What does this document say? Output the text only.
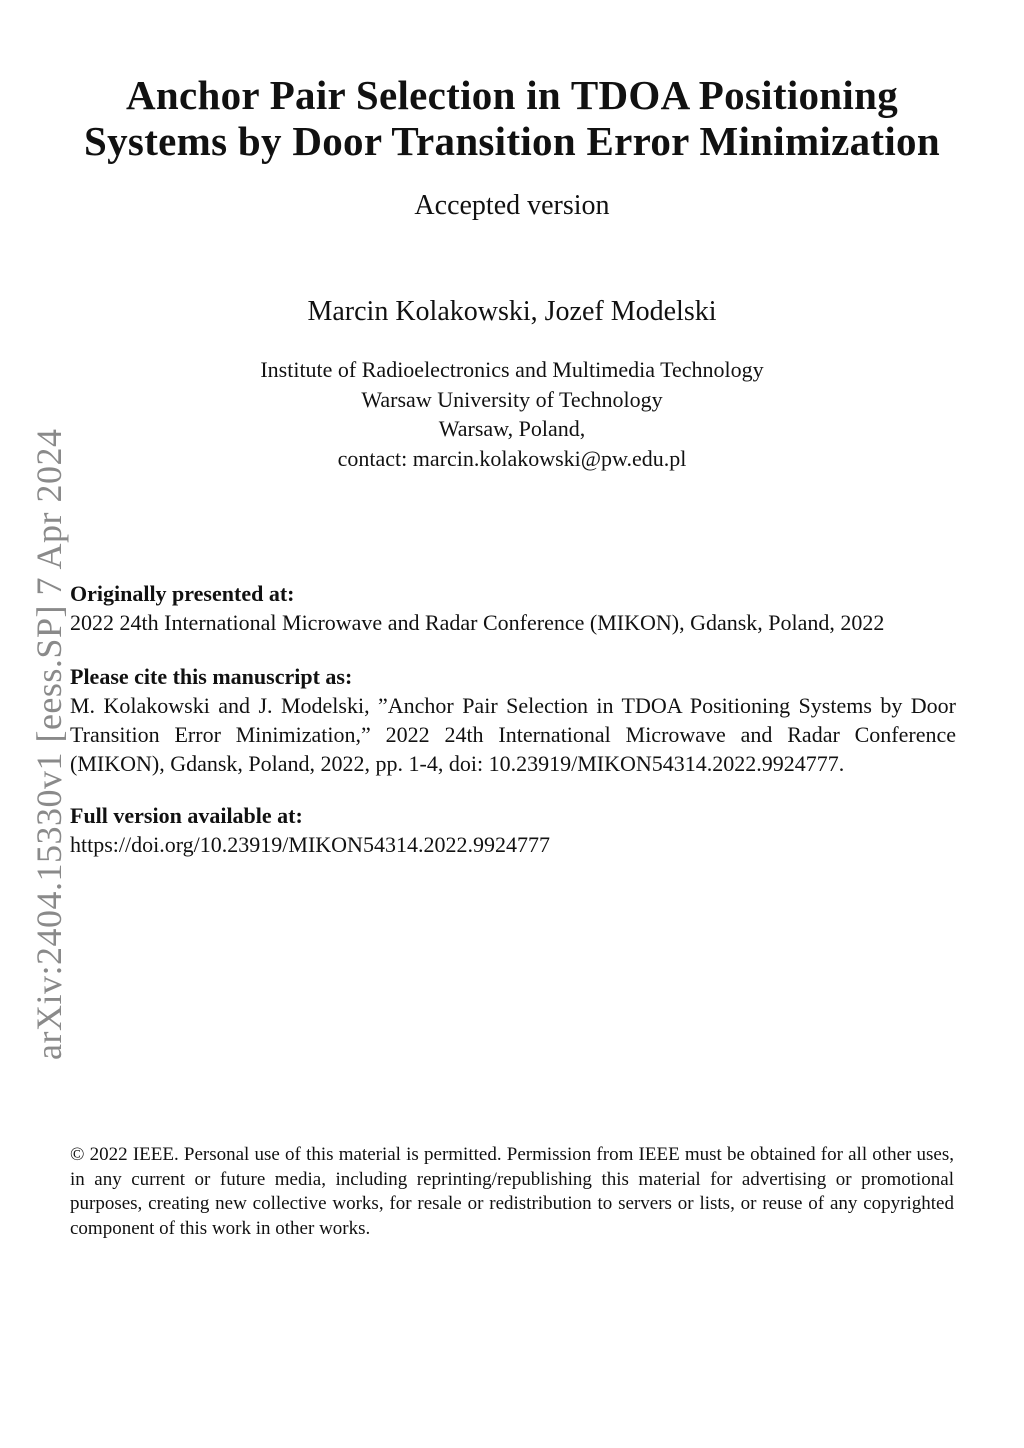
Anchor Pair Selection in TDOA Positioning
Systems by Door Transition Error Minimization
Accepted version
Marcin Kolakowski, Jozef Modelski
Institute of Radioelectronics and Multimedia Technology
Warsaw University of Technology
Warsaw, Poland,
contact: marcin.kolakowski@pw.edu.pl
arXiv:2404.15330v1 [eess.SP] 7 Apr 2024 Originally presented at:
2022 24th International Microwave and Radar Conference (MIKON), Gdansk, Poland, 2022
Please cite this manuscript as:
M. Kolakowski and J. Modelski, ”Anchor Pair Selection in TDOA Positioning Systems by Door Transition Error Minimization,” 2022 24th International Microwave and Radar Conference (MIKON), Gdansk, Poland, 2022, pp. 1-4, doi: 10.23919/MIKON54314.2022.9924777.
Full version available at:
https://doi.org/10.23919/MIKON54314.2022.9924777
© 2022 IEEE. Personal use of this material is permitted. Permission from IEEE must be obtained for all other uses, in any current or future media, including reprinting/republishing this material for advertising or promotional purposes, creating new collective works, for resale or redistribution to servers or lists, or reuse of any copyrighted component of this work in other works.
